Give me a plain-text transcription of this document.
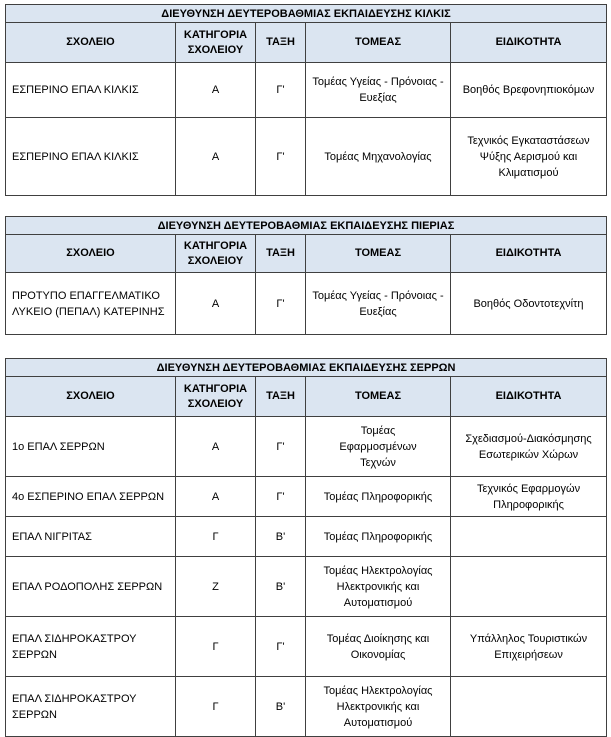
ΔΙΕΥΘΥΝΣΗ ΔΕΥΤΕΡΟΒΑΘΜΙΑΣ ΕΚΠΑΙΔΕΥΣΗΣ ΚΙΛΚΙΣ				
ΣΧΟΛΕΙΟ	ΚΑΤΗΓΟΡΙΑ ΣΧΟΛΕΙΟΥ	ΤΑΞΗ	ΤΟΜΕΑΣ	ΕΙΔΙΚΟΤΗΤΑ
ΕΣΠΕΡΙΝΟ ΕΠΑΛ ΚΙΛΚΙΣ	Α	Γ'	Τομέας Υγείας - Πρόνοιας - Ευεξίας	Βοηθός Βρεφονηπιοκόμων
ΕΣΠΕΡΙΝΟ ΕΠΑΛ ΚΙΛΚΙΣ	Α	Γ'	Τομέας Μηχανολογίας	Τεχνικός Εγκαταστάσεων Ψύξης Αερισμού και Κλιματισμού
ΔΙΕΥΘΥΝΣΗ ΔΕΥΤΕΡΟΒΑΘΜΙΑΣ ΕΚΠΑΙΔΕΥΣΗΣ ΠΙΕΡΙΑΣ				
ΣΧΟΛΕΙΟ	ΚΑΤΗΓΟΡΙΑ ΣΧΟΛΕΙΟΥ	ΤΑΞΗ	ΤΟΜΕΑΣ	ΕΙΔΙΚΟΤΗΤΑ
ΠΡΟΤΥΠΟ ΕΠΑΓΓΕΛΜΑΤΙΚΟ ΛΥΚΕΙΟ (ΠΕΠΑΛ) ΚΑΤΕΡΙΝΗΣ	Α	Γ'	Τομέας Υγείας - Πρόνοιας - Ευεξίας	Βοηθός Οδοντοτεχνίτη
ΔΙΕΥΘΥΝΣΗ ΔΕΥΤΕΡΟΒΑΘΜΙΑΣ ΕΚΠΑΙΔΕΥΣΗΣ ΣΕΡΡΩΝ				
ΣΧΟΛΕΙΟ	ΚΑΤΗΓΟΡΙΑ ΣΧΟΛΕΙΟΥ	ΤΑΞΗ	ΤΟΜΕΑΣ	ΕΙΔΙΚΟΤΗΤΑ
1ο ΕΠΑΛ ΣΕΡΡΩΝ	Α	Γ'	Τομέας Εφαρμοσμένων Τεχνών	Σχεδιασμού-Διακόσμησης Εσωτερικών Χώρων
4ο ΕΣΠΕΡΙΝΟ ΕΠΑΛ ΣΕΡΡΩΝ	Α	Γ'	Τομέας Πληροφορικής	Τεχνικός Εφαρμογών Πληροφορικής
ΕΠΑΛ ΝΙΓΡΙΤΑΣ	Γ	Β'	Τομέας Πληροφορικής	
ΕΠΑΛ ΡΟΔΟΠΟΛΗΣ ΣΕΡΡΩΝ	Ζ	Β'	Τομέας Ηλεκτρολογίας Ηλεκτρονικής και Αυτοματισμού	
ΕΠΑΛ ΣΙΔΗΡΟΚΑΣΤΡΟΥ ΣΕΡΡΩΝ	Γ	Γ'	Τομέας Διοίκησης και Οικονομίας	Υπάλληλος Τουριστικών Επιχειρήσεων
ΕΠΑΛ ΣΙΔΗΡΟΚΑΣΤΡΟΥ ΣΕΡΡΩΝ	Γ	Β'	Τομέας Ηλεκτρολογίας Ηλεκτρονικής και Αυτοματισμού	
